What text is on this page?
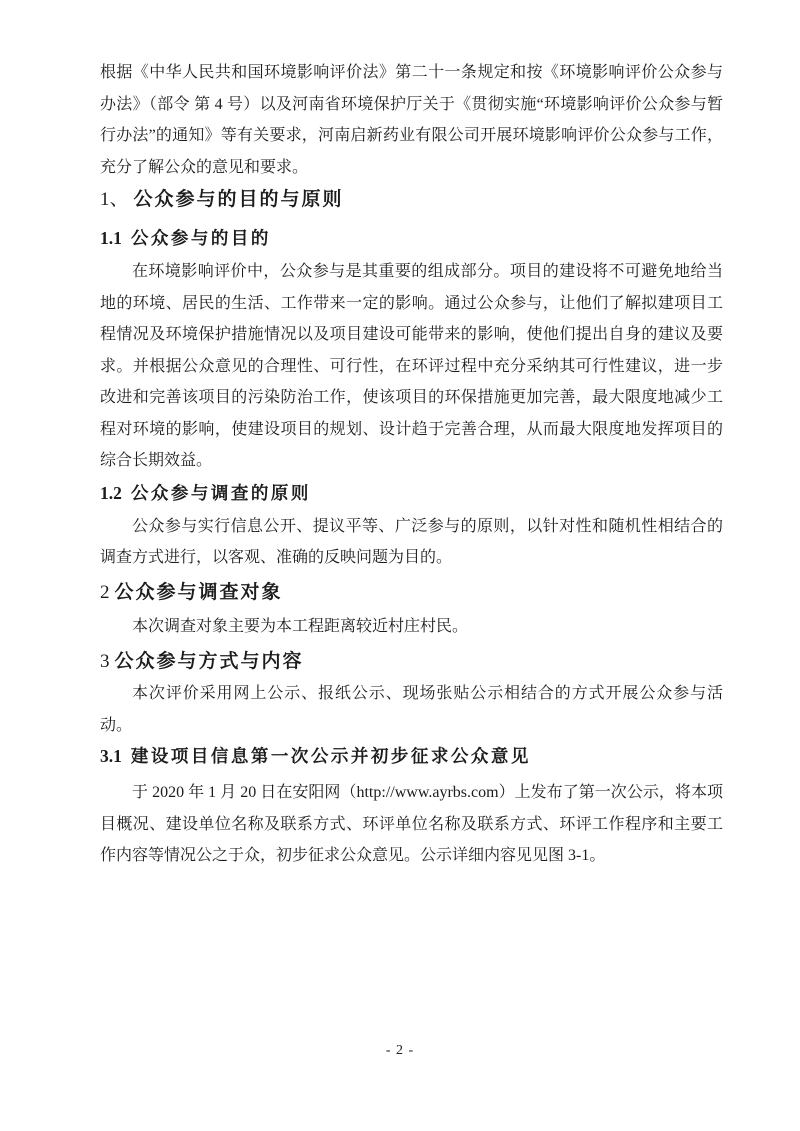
根据《中华人民共和国环境影响评价法》第二十一条规定和按《环境影响评价公众参与办法》（部令 第 4 号）以及河南省环境保护厅关于《贯彻实施“环境影响评价公众参与暂行办法”的通知》等有关要求，河南启新药业有限公司开展环境影响评价公众参与工作，充分了解公众的意见和要求。

1、 公众参与的目的与原则
1.1 公众参与的目的

在环境影响评价中，公众参与是其重要的组成部分。项目的建设将不可避免地给当地的环境、居民的生活、工作带来一定的影响。通过公众参与，让他们了解拟建项目工程情况及环境保护措施情况以及项目建设可能带来的影响，使他们提出自身的建议及要求。并根据公众意见的合理性、可行性，在环评过程中充分采纳其可行性建议，进一步改进和完善该项目的污染防治工作，使该项目的环保措施更加完善，最大限度地减少工程对环境的影响，使建设项目的规划、设计趋于完善合理，从而最大限度地发挥项目的综合长期效益。

1.2 公众参与调查的原则

公众参与实行信息公开、提议平等、广泛参与的原则，以针对性和随机性相结合的调查方式进行，以客观、准确的反映问题为目的。

2 公众参与调查对象

本次调查对象主要为本工程距离较近村庄村民。

3 公众参与方式与内容

本次评价采用网上公示、报纸公示、现场张贴公示相结合的方式开展公众参与活动。

3.1 建设项目信息第一次公示并初步征求公众意见

于 2020 年 1 月 20 日在安阳网（http://www.ayrbs.com）上发布了第一次公示，将本项目概况、建设单位名称及联系方式、环评单位名称及联系方式、环评工作程序和主要工作内容等情况公之于众，初步征求公众意见。公示详细内容见见图 3-1。

- 2 -
